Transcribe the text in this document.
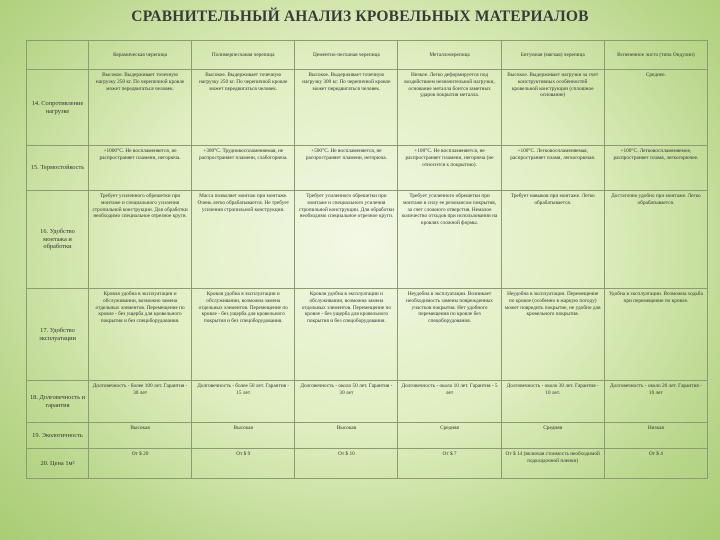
СРАВНИТЕЛЬНЫЙ АНАЛИЗ КРОВЕЛЬНЫХ МАТЕРИАЛОВ
	Керамическая черепица	Полимерпесчаная черепица	Цементно-песчаная черепица	Металлочерепица	Битумная (мягкая) черепица	Вспененное листо (типа Ондулин)
14. Сопротивление нагрузке	Высокое. Выдерживает точечную нагрузку 250 кг. По черепичной кровле может передвигаться человек.	Высокое. Выдерживает точечную нагрузку 250 кг. По черепичной кровле может передвигаться человек.	Высокое. Выдерживает точечную нагрузку 300 кг. По черепичной кровле может передвигаться человек.	Низкое. Легко деформируется под воздействием незначительной нагрузки, основание металла боится заметных ударов покрытия металла.	Высокое. Выдерживает нагрузки за счет конструктивных особенностей кровельной конструкции (сплошное основание)	Среднее.
15. Термостойкость	+1000°С. Не воспламеняется, не распространяет пламени, негорюча.	+300°С. Трудновоспламеняемая, не распространяет пламени, слабогорюча.	+500°С. Не воспламеняется, не распространяет пламени, негорюча.	+100°С. Не воспламеняется, не распространяет пламени, негорюча (не относится к покрытию).	+100°С. Легковоспламеняемая, распространяет пламя, легкогорючая.	+100°С. Легковоспламеняемое, распространяет пламя, легкогорючее.
16. Удобство монтажа и обработки	Требует усиленного обрешетки при монтаже и специального усиления стропильной конструкции. Для обработки необходимо специальное отрезное круги.	Масса позволяет монтаж при монтаже. Очень легко обрабатывается. Не требует усиления стропильной конструкции.	Требует усиленного обрешетки при монтаже и специального усиления стропильной конструкции. Для обработки необходимо специальное отрезное круги.	Требует усиленного обрешетки при монтаже в силу ее резонансом покрытия, за счет сложного отверстия. Немалое количество отходов при использовании на кровлях сложной формы.	Требует навыков при монтаже. Легко обрабатывается.	Достаточно удобно при монтаже. Легко обрабатывается.
17. Удобство эксплуатации	Кровля удобна в эксплуатации и обслуживании, возможно замена отдельных элементов. Перемещение по кровле - без ущерба для кровельного покрытия и без спецоборудования.	Кровля удобна в эксплуатации и обслуживании, возможна замена отдельных элементов. Перемещение по кровле - без ущерба для кровельного покрытия и без спецоборудования.	Кровля удобна в эксплуатации и обслуживании, возможна замена отдельных элементов. Перемещение по кровле - без ущерба для кровельного покрытия и без спецоборудования.	Неудобна в эксплуатации. Возникает необходимость замены поврежденных участков покрытия. Нет удобного перемещения по кровле без спецоборудования.	Неудобна в эксплуатации. Перемещение по кровле (особенно в жаркую погоду) может повредить покрытие, не удобно для кровельного покрытия.	Удобна в эксплуатации. Возможна ходьба при перемещение по кровле.
18. Долговечность и гарантия	Долговечность - более 100 лет. Гарантия - 30 лет	Долговечность - более 50 лет. Гарантия - 15 лет	Долговечность - около 50 лет. Гарантия - 30 лет	Долговечность - около 10 лет. Гарантия - 5 лет	Долговечность - около 30 лет. Гарантия - 10 лет.	Долговечность - около 20 лет. Гарантия - 10 лет
19. Экологичность	Высокая	Высокая	Высокая	Средняя	Средняя	Низкая
20. Цена 1м²	От $ 20	От $ 9	От $ 10	От $ 7	От $ 14 (включая стоимость необходимой подкладочной пленки)	От $ 4
